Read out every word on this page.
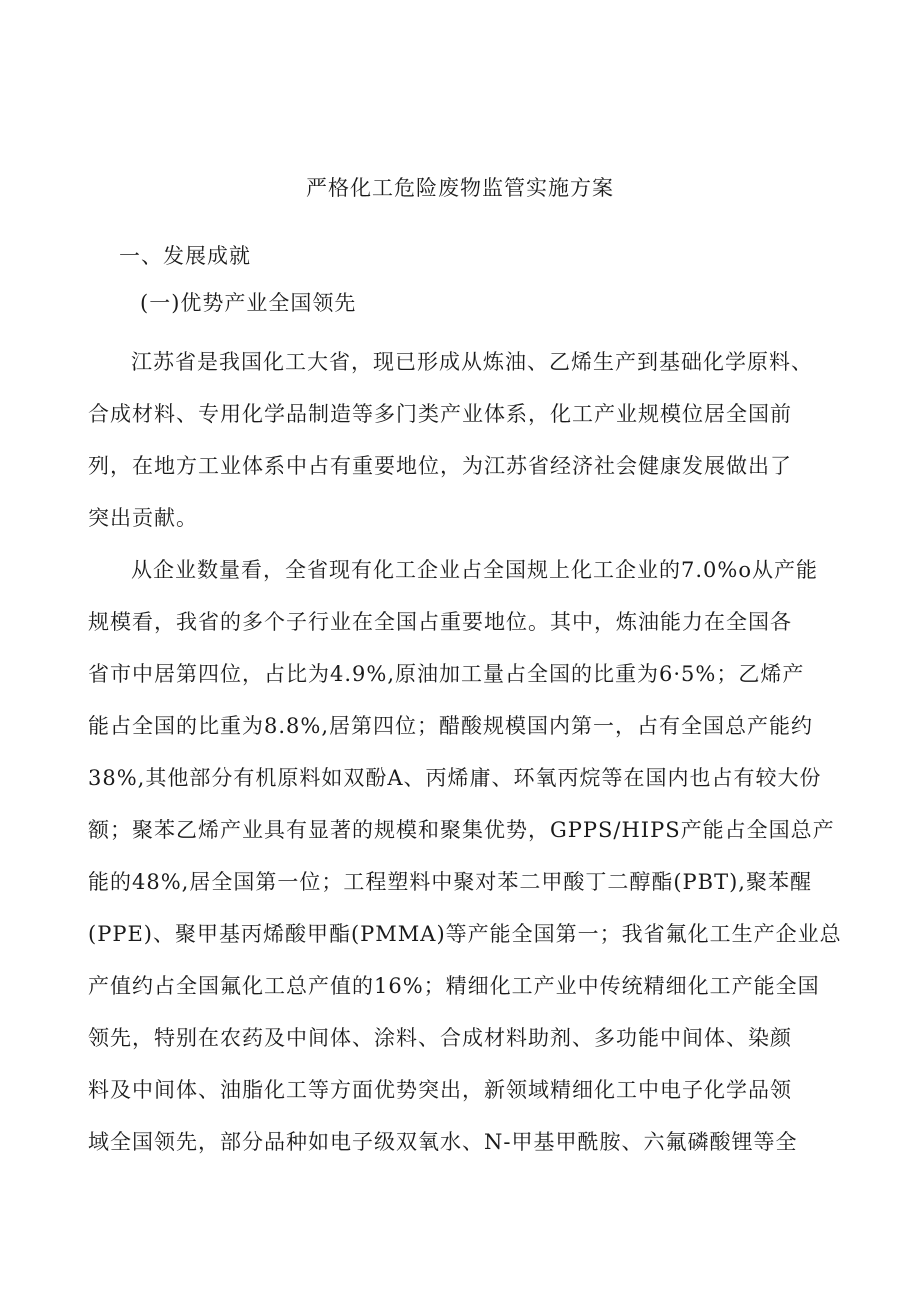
严格化工危险废物监管实施方案
一、发展成就
(一)优势产业全国领先

江苏省是我国化工大省，现已形成从炼油、乙烯生产到基础化学原料、
合成材料、专用化学品制造等多门类产业体系，化工产业规模位居全国前
列，在地方工业体系中占有重要地位，为江苏省经济社会健康发展做出了
突出贡献。

从企业数量看，全省现有化工企业占全国规上化工企业的7.0%o从产能
规模看，我省的多个子行业在全国占重要地位。其中，炼油能力在全国各
省市中居第四位，占比为4.9%,原油加工量占全国的比重为6·5%；乙烯产
能占全国的比重为8.8%,居第四位；醋酸规模国内第一，占有全国总产能约
38%,其他部分有机原料如双酚A、丙烯庸、环氧丙烷等在国内也占有较大份
额；聚苯乙烯产业具有显著的规模和聚集优势，GPPS/HIPS产能占全国总产
能的48%,居全国第一位；工程塑料中聚对苯二甲酸丁二醇酯(PBT),聚苯醒
(PPE)、聚甲基丙烯酸甲酯(PMMA)等产能全国第一；我省氟化工生产企业总
产值约占全国氟化工总产值的16%；精细化工产业中传统精细化工产能全国
领先，特别在农药及中间体、涂料、合成材料助剂、多功能中间体、染颜
料及中间体、油脂化工等方面优势突出，新领域精细化工中电子化学品领
域全国领先，部分品种如电子级双氧水、N-甲基甲酰胺、六氟磷酸锂等全
